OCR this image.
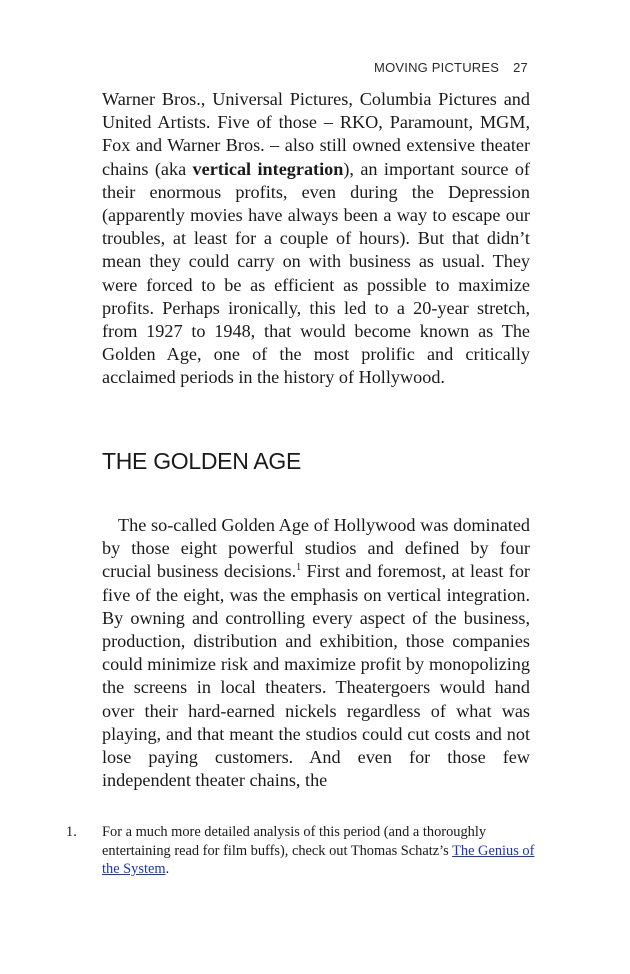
MOVING PICTURES 27

Warner Bros., Universal Pictures, Columbia Pictures and United Artists. Five of those – RKO, Paramount, MGM, Fox and Warner Bros. – also still owned extensive theater chains (aka vertical integration), an important source of their enormous profits, even during the Depression (apparently movies have always been a way to escape our troubles, at least for a couple of hours). But that didn’t mean they could carry on with business as usual. They were forced to be as efficient as possible to maximize profits. Perhaps ironically, this led to a 20-year stretch, from 1927 to 1948, that would become known as The Golden Age, one of the most prolific and critically acclaimed periods in the history of Hollywood.

THE GOLDEN AGE

The so-called Golden Age of Hollywood was dominated by those eight powerful studios and defined by four crucial business decisions.$^1$ First and foremost, at least for five of the eight, was the emphasis on vertical integration. By owning and controlling every aspect of the business, production, distribution and exhibition, those companies could minimize risk and maximize profit by monopolizing the screens in local theaters. Theatergoers would hand over their hard-earned nickels regardless of what was playing, and that meant the studios could cut costs and not lose paying customers. And even for those few independent theater chains, the

1. For a much more detailed analysis of this period (and a thoroughly entertaining read for film buffs), check out Thomas Schatz’s The Genius of the System.
